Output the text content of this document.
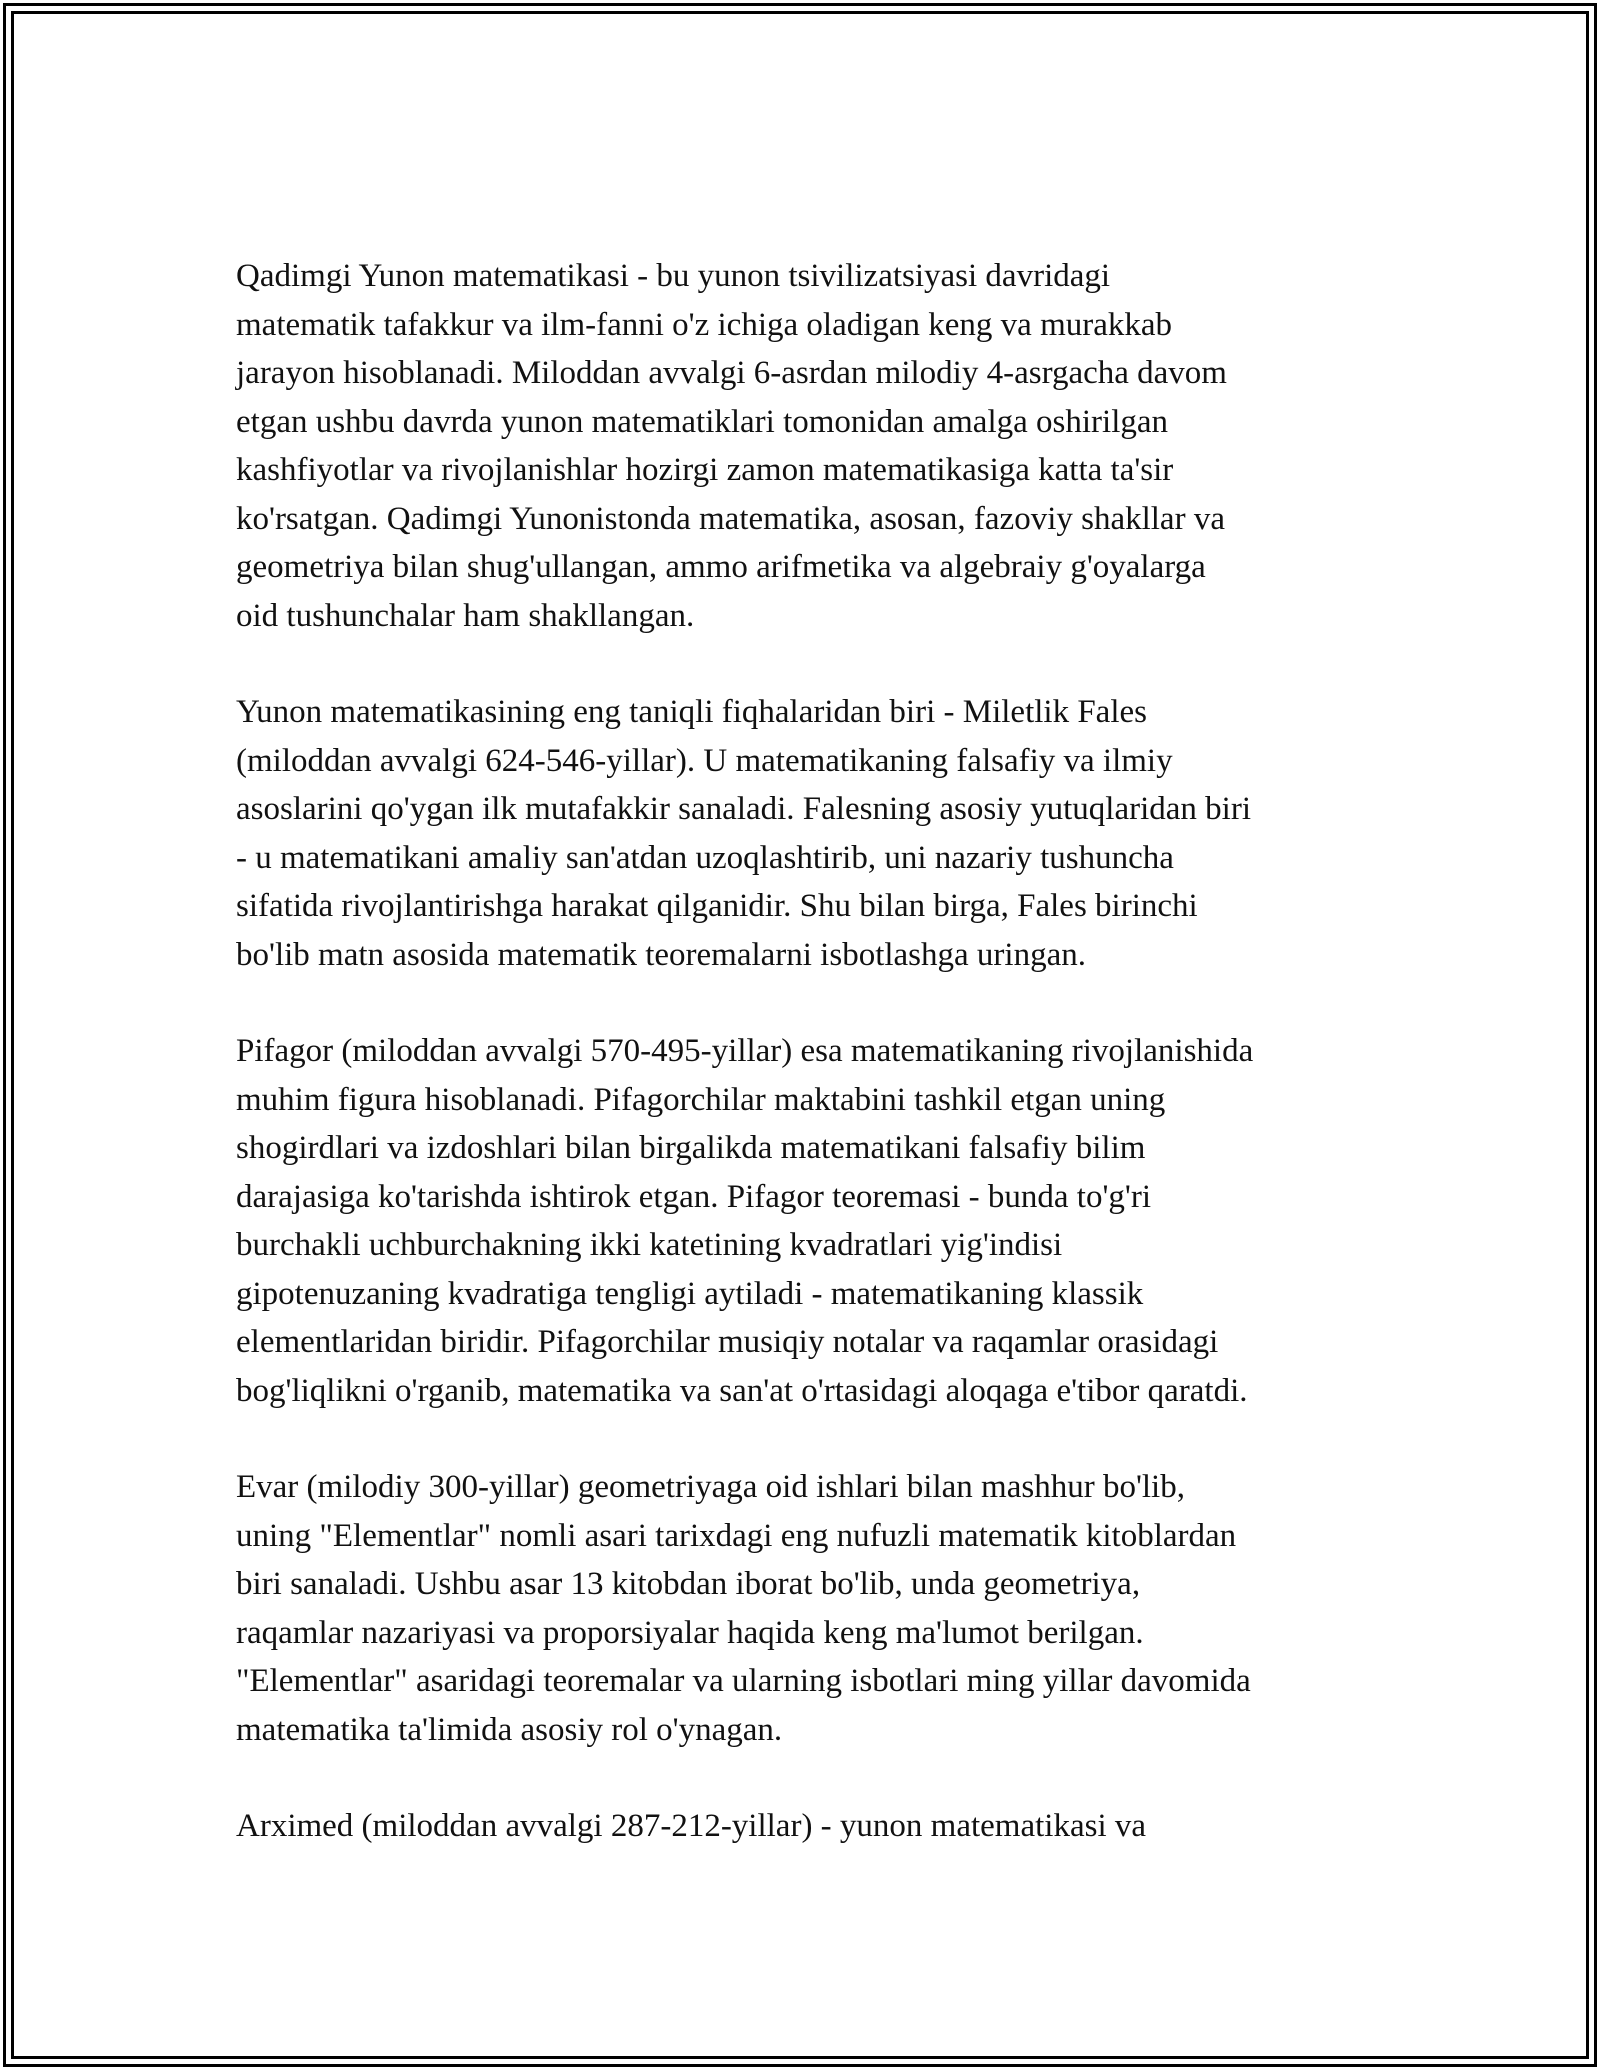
Qadimgi Yunon matematikasi - bu yunon tsivilizatsiyasi davridagi
matematik tafakkur va ilm-fanni o'z ichiga oladigan keng va murakkab
jarayon hisoblanadi. Miloddan avvalgi 6-asrdan milodiy 4-asrgacha davom
etgan ushbu davrda yunon matematiklari tomonidan amalga oshirilgan
kashfiyotlar va rivojlanishlar hozirgi zamon matematikasiga katta ta'sir
ko'rsatgan. Qadimgi Yunonistonda matematika, asosan, fazoviy shakllar va
geometriya bilan shug'ullangan, ammo arifmetika va algebraiy g'oyalarga
oid tushunchalar ham shakllangan.

Yunon matematikasining eng taniqli fiqhalaridan biri - Miletlik Fales
(miloddan avvalgi 624-546-yillar). U matematikaning falsafiy va ilmiy
asoslarini qo'ygan ilk mutafakkir sanaladi. Falesning asosiy yutuqlaridan biri
- u matematikani amaliy san'atdan uzoqlashtirib, uni nazariy tushuncha
sifatida rivojlantirishga harakat qilganidir. Shu bilan birga, Fales birinchi
bo'lib matn asosida matematik teoremalarni isbotlashga uringan.

Pifagor (miloddan avvalgi 570-495-yillar) esa matematikaning rivojlanishida
muhim figura hisoblanadi. Pifagorchilar maktabini tashkil etgan uning
shogirdlari va izdoshlari bilan birgalikda matematikani falsafiy bilim
darajasiga ko'tarishda ishtirok etgan. Pifagor teoremasi - bunda to'g'ri
burchakli uchburchakning ikki katetining kvadratlari yig'indisi
gipotenuzaning kvadratiga tengligi aytiladi - matematikaning klassik
elementlaridan biridir. Pifagorchilar musiqiy notalar va raqamlar orasidagi
bog'liqlikni o'rganib, matematika va san'at o'rtasidagi aloqaga e'tibor qaratdi.

Evar (milodiy 300-yillar) geometriyaga oid ishlari bilan mashhur bo'lib,
uning "Elementlar" nomli asari tarixdagi eng nufuzli matematik kitoblardan
biri sanaladi. Ushbu asar 13 kitobdan iborat bo'lib, unda geometriya,
raqamlar nazariyasi va proporsiyalar haqida keng ma'lumot berilgan.
"Elementlar" asaridagi teoremalar va ularning isbotlari ming yillar davomida
matematika ta'limida asosiy rol o'ynagan.

Arximed (miloddan avvalgi 287-212-yillar) - yunon matematikasi va
